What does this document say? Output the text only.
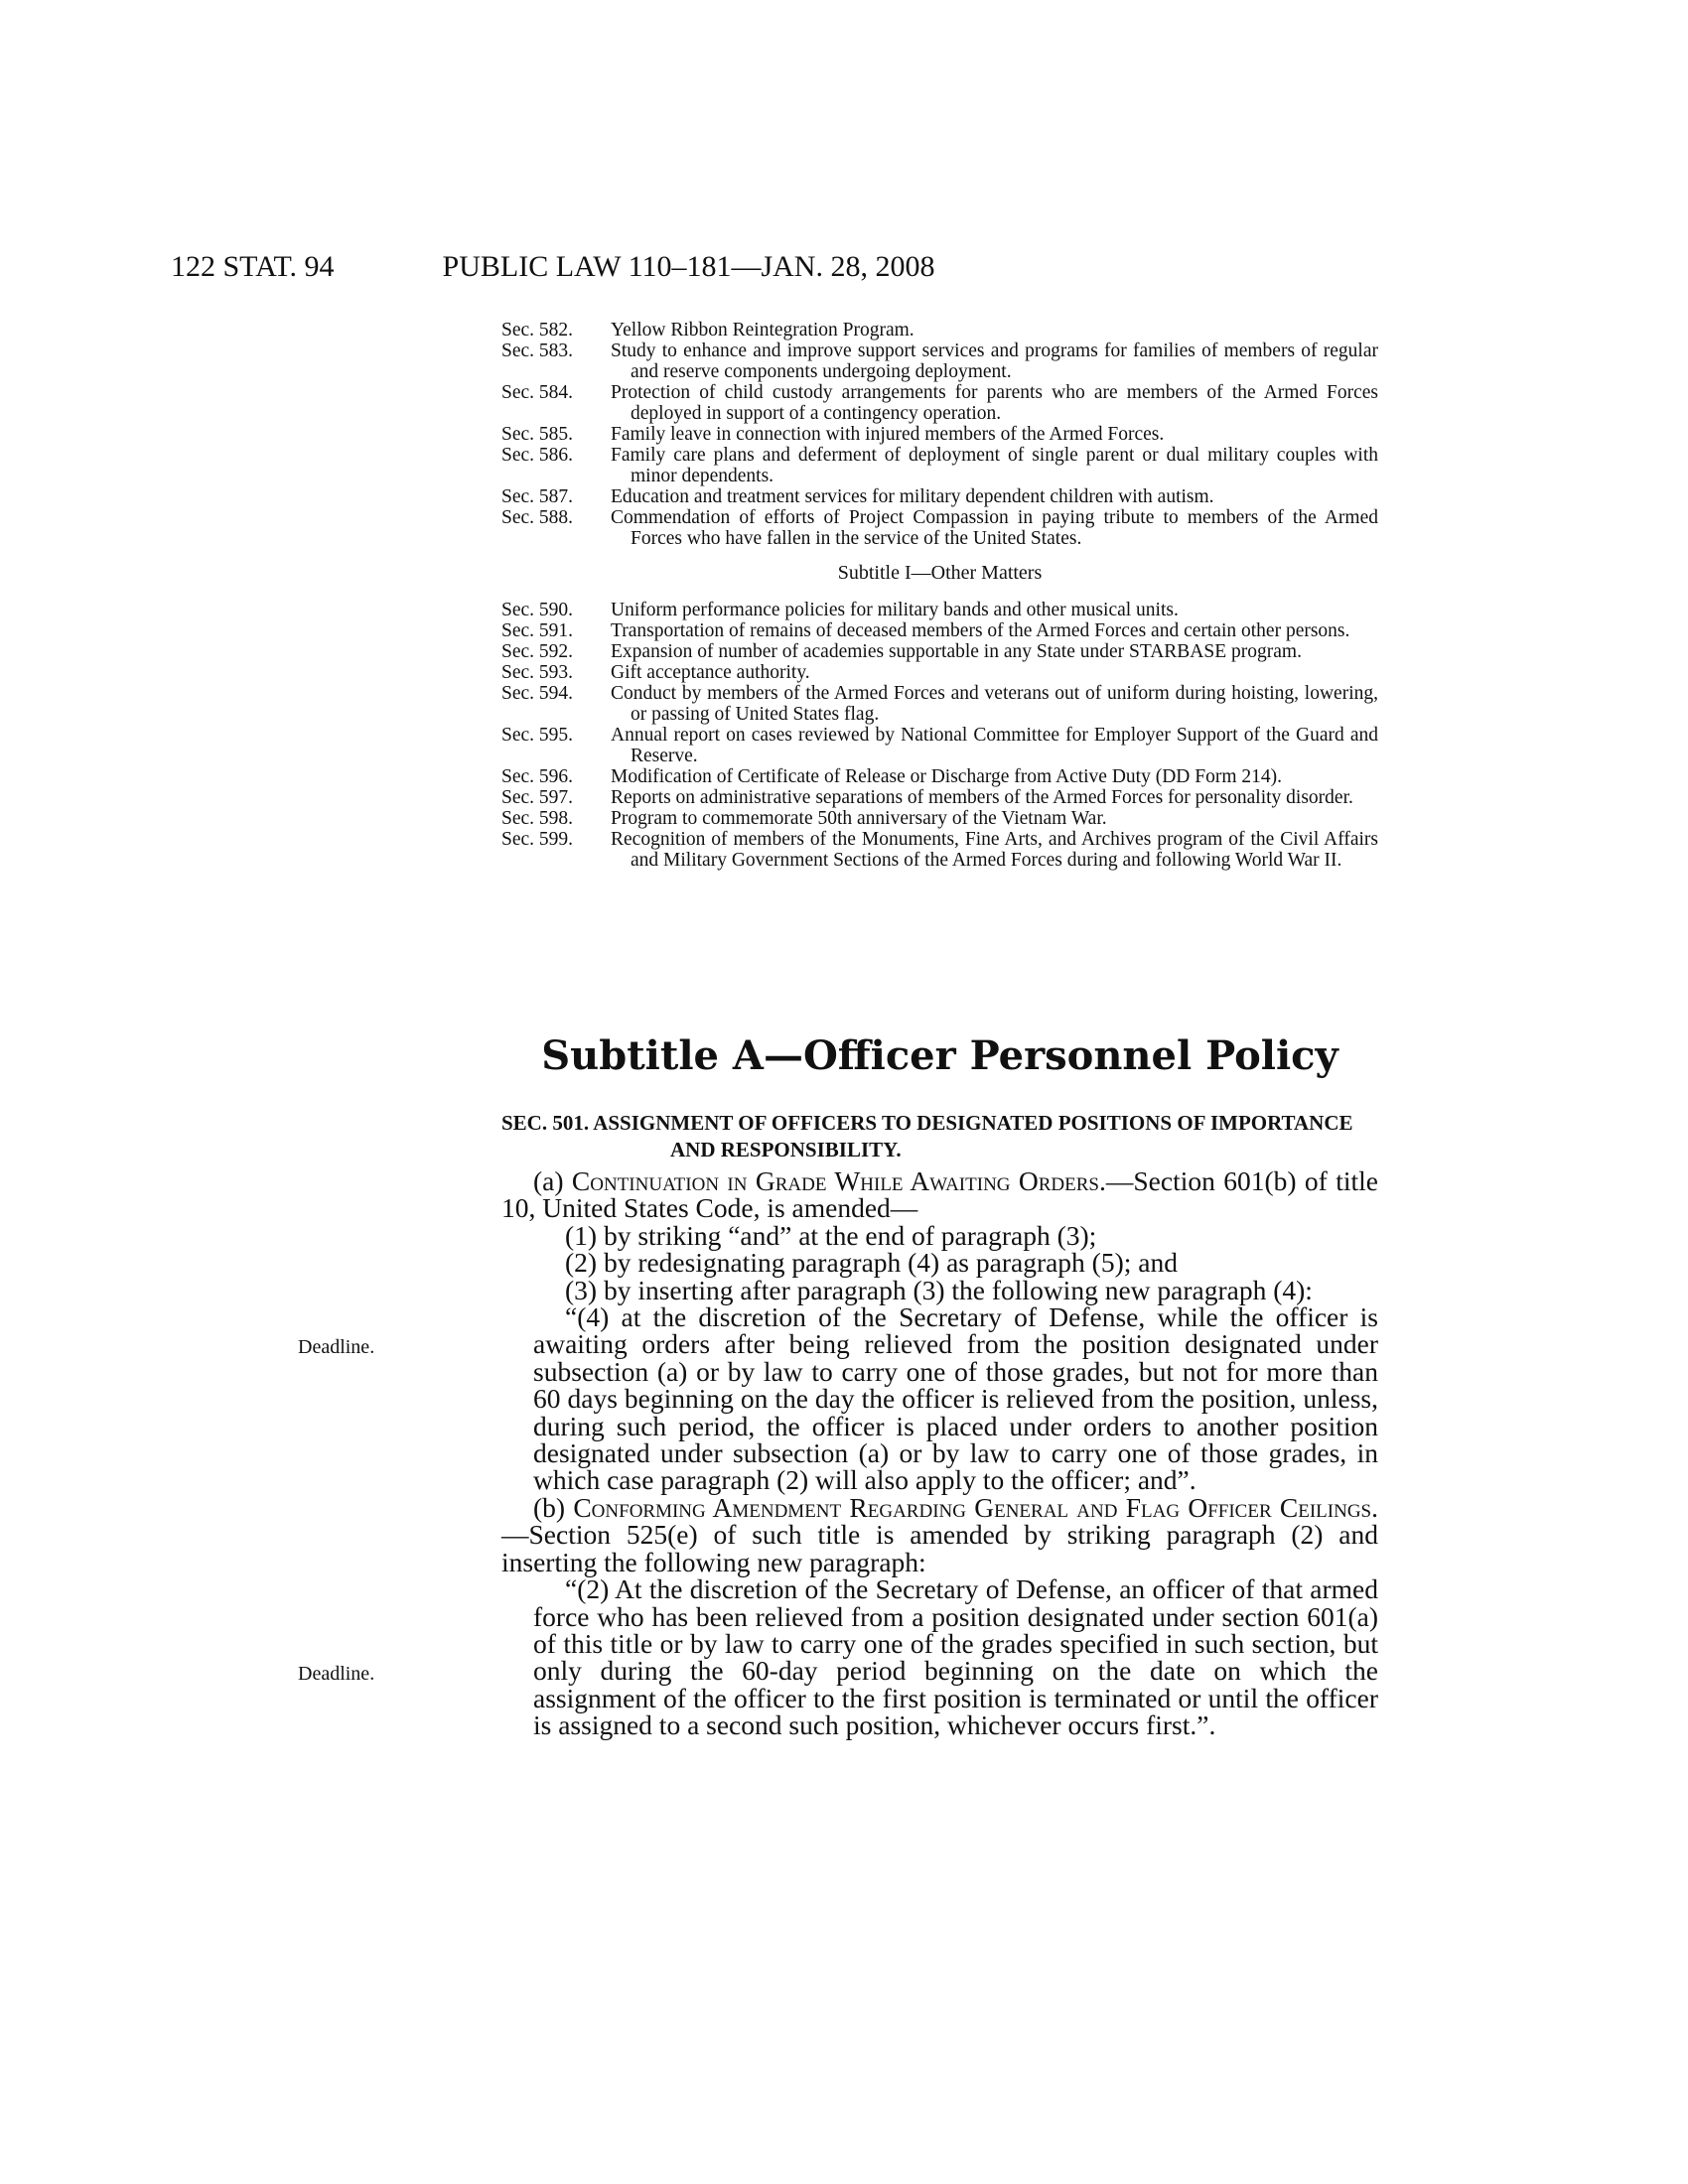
122 STAT. 94	PUBLIC LAW 110–181—JAN. 28, 2008
Sec. 582. Yellow Ribbon Reintegration Program.
Sec. 583. Study to enhance and improve support services and programs for families of members of regular and reserve components undergoing deployment.
Sec. 584. Protection of child custody arrangements for parents who are members of the Armed Forces deployed in support of a contingency operation.
Sec. 585. Family leave in connection with injured members of the Armed Forces.
Sec. 586. Family care plans and deferment of deployment of single parent or dual military couples with minor dependents.
Sec. 587. Education and treatment services for military dependent children with autism.
Sec. 588. Commendation of efforts of Project Compassion in paying tribute to members of the Armed Forces who have fallen in the service of the United States.
Subtitle I—Other Matters
Sec. 590. Uniform performance policies for military bands and other musical units.
Sec. 591. Transportation of remains of deceased members of the Armed Forces and certain other persons.
Sec. 592. Expansion of number of academies supportable in any State under STARBASE program.
Sec. 593. Gift acceptance authority.
Sec. 594. Conduct by members of the Armed Forces and veterans out of uniform during hoisting, lowering, or passing of United States flag.
Sec. 595. Annual report on cases reviewed by National Committee for Employer Support of the Guard and Reserve.
Sec. 596. Modification of Certificate of Release or Discharge from Active Duty (DD Form 214).
Sec. 597. Reports on administrative separations of members of the Armed Forces for personality disorder.
Sec. 598. Program to commemorate 50th anniversary of the Vietnam War.
Sec. 599. Recognition of members of the Monuments, Fine Arts, and Archives program of the Civil Affairs and Military Government Sections of the Armed Forces during and following World War II.
Subtitle A—Officer Personnel Policy
SEC. 501. ASSIGNMENT OF OFFICERS TO DESIGNATED POSITIONS OF IMPORTANCE AND RESPONSIBILITY.

(a) Continuation in Grade While Awaiting Orders.—Section 601(b) of title 10, United States Code, is amended—

(1) by striking “and” at the end of paragraph (3);

(2) by redesignating paragraph (4) as paragraph (5); and

(3) by inserting after paragraph (3) the following new paragraph (4):

“(4) at the discretion of the Secretary of Defense, while the officer is awaiting orders after being relieved from the position designated under subsection (a) or by law to carry one of those grades, but not for more than 60 days beginning on the day the officer is relieved from the position, unless, during such period, the officer is placed under orders to another position designated under subsection (a) or by law to carry one of those grades, in which case paragraph (2) will also apply to the officer; and”.

(b) Conforming Amendment Regarding General and Flag Officer Ceilings.—Section 525(e) of such title is amended by striking paragraph (2) and inserting the following new paragraph:

“(2) At the discretion of the Secretary of Defense, an officer of that armed force who has been relieved from a position designated under section 601(a) of this title or by law to carry one of the grades specified in such section, but only during the 60-day period beginning on the date on which the assignment of the officer to the first position is terminated or until the officer is assigned to a second such position, whichever occurs first.”.

Deadline.
Deadline.
